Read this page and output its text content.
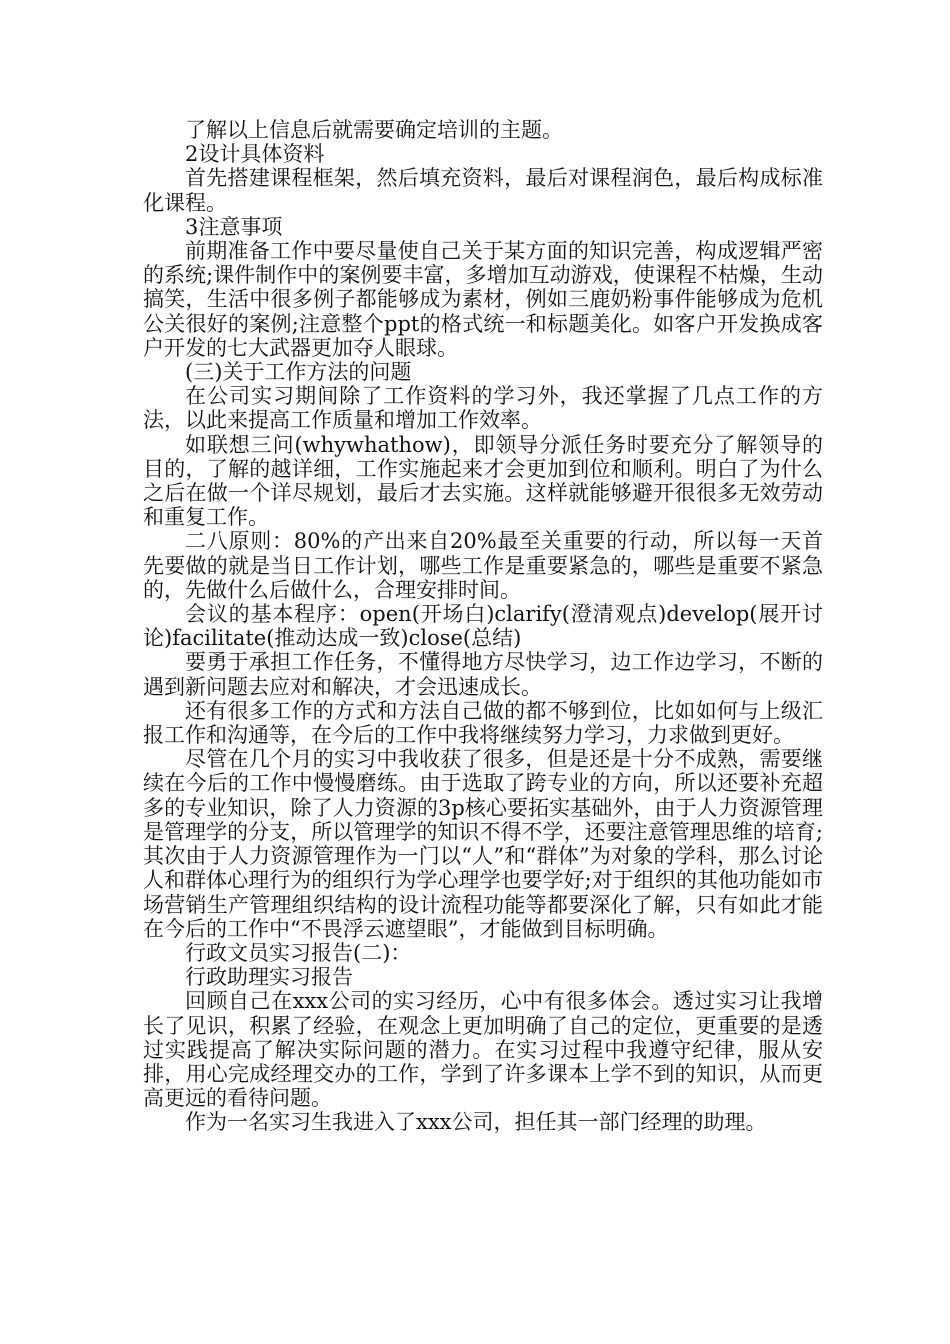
了解以上信息后就需要确定培训的主题。

2设计具体资料

首先搭建课程框架，然后填充资料，最后对课程润色，最后构成标准化课程。

3注意事项

前期准备工作中要尽量使自己关于某方面的知识完善，构成逻辑严密的系统;课件制作中的案例要丰富，多增加互动游戏，使课程不枯燥，生动搞笑，生活中很多例子都能够成为素材，例如三鹿奶粉事件能够成为危机公关很好的案例;注意整个ppt的格式统一和标题美化。如客户开发换成客户开发的七大武器更加夺人眼球。

(三)关于工作方法的问题

在公司实习期间除了工作资料的学习外，我还掌握了几点工作的方法，以此来提高工作质量和增加工作效率。

如联想三问(whywhathow)，即领导分派任务时要充分了解领导的目的，了解的越详细，工作实施起来才会更加到位和顺利。明白了为什么之后在做一个详尽规划，最后才去实施。这样就能够避开很很多无效劳动和重复工作。

二八原则：80%的产出来自20%最至关重要的行动，所以每一天首先要做的就是当日工作计划，哪些工作是重要紧急的，哪些是重要不紧急的，先做什么后做什么，合理安排时间。

会议的基本程序：open(开场白)clarify(澄清观点)develop(展开讨论)facilitate(推动达成一致)close(总结)

要勇于承担工作任务，不懂得地方尽快学习，边工作边学习，不断的遇到新问题去应对和解决，才会迅速成长。

还有很多工作的方式和方法自己做的都不够到位，比如如何与上级汇报工作和沟通等，在今后的工作中我将继续努力学习，力求做到更好。

尽管在几个月的实习中我收获了很多，但是还是十分不成熟，需要继续在今后的工作中慢慢磨练。由于选取了跨专业的方向，所以还要补充超多的专业知识，除了人力资源的3p核心要拓实基础外，由于人力资源管理是管理学的分支，所以管理学的知识不得不学，还要注意管理思维的培育;其次由于人力资源管理作为一门以“人”和“群体”为对象的学科，那么讨论人和群体心理行为的组织行为学心理学也要学好;对于组织的其他功能如市场营销生产管理组织结构的设计流程功能等都要深化了解，只有如此才能在今后的工作中“不畏浮云遮望眼”，才能做到目标明确。

行政文员实习报告(二)：

行政助理实习报告

回顾自己在xxx公司的实习经历，心中有很多体会。透过实习让我增长了见识，积累了经验，在观念上更加明确了自己的定位，更重要的是透过实践提高了解决实际问题的潜力。在实习过程中我遵守纪律，服从安排，用心完成经理交办的工作，学到了许多课本上学不到的知识，从而更高更远的看待问题。

作为一名实习生我进入了xxx公司，担任其一部门经理的助理。
